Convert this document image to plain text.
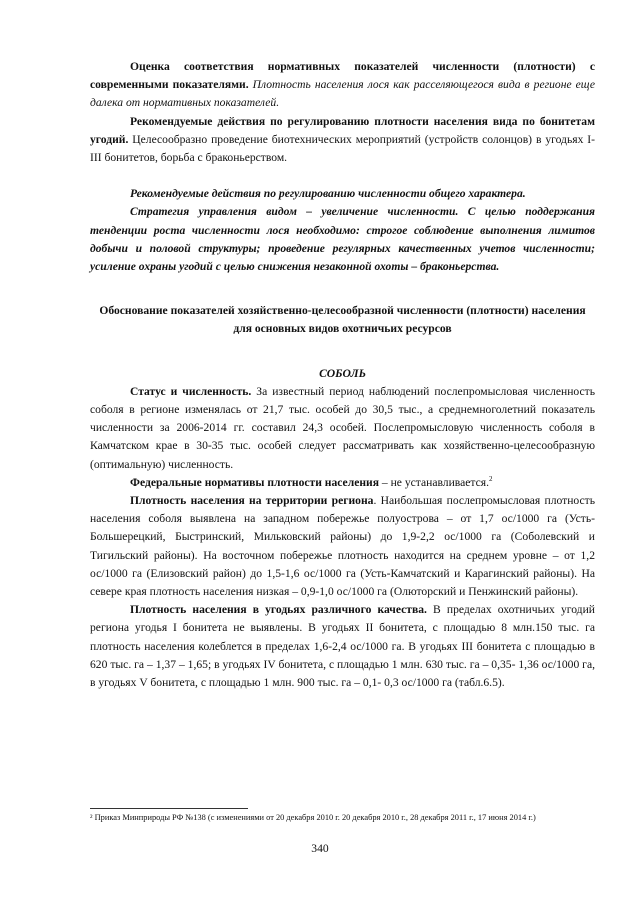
Оценка соответствия нормативных показателей численности (плотности) с современными показателями. Плотность населения лося как расселяющегося вида в регионе еще далека от нормативных показателей.

Рекомендуемые действия по регулированию плотности населения вида по бонитетам угодий. Целесообразно проведение биотехнических мероприятий (устройств солонцов) в угодьях I-III бонитетов, борьба с браконьерством.

Рекомендуемые действия по регулированию численности общего характера.

Стратегия управления видом – увеличение численности. С целью поддержания тенденции роста численности лося необходимо: строгое соблюдение выполнения лимитов добычи и половой структуры; проведение регулярных качественных учетов численности; усиление охраны угодий с целью снижения незаконной охоты – браконьерства.

Обоснование показателей хозяйственно-целесообразной численности (плотности) населения для основных видов охотничьих ресурсов

СОБОЛЬ

Статус и численность. За известный период наблюдений послепромысловая численность соболя в регионе изменялась от 21,7 тыс. особей до 30,5 тыс., а среднемноголетний показатель численности за 2006-2014 гг. составил 24,3 особей. Послепромысловую численность соболя в Камчатском крае в 30-35 тыс. особей следует рассматривать как хозяйственно-целесообразную (оптимальную) численность.

Федеральные нормативы плотности населения – не устанавливается.$^2$

Плотность населения на территории региона. Наибольшая послепромысловая плотность населения соболя выявлена на западном побережье полуострова – от 1,7 ос/1000 га (Усть-Большерецкий, Быстринский, Мильковский районы) до 1,9-2,2 ос/1000 га (Соболевский и Тигильский районы). На восточном побережье плотность находится на среднем уровне – от 1,2 ос/1000 га (Елизовский район) до 1,5-1,6 ос/1000 га (Усть-Камчатский и Карагинский районы). На севере края плотность населения низкая – 0,9-1,0 ос/1000 га (Олюторский и Пенжинский районы).

Плотность населения в угодьях различного качества. В пределах охотничьих угодий региона угодья I бонитета не выявлены. В угодьях II бонитета, с площадью 8 млн.150 тыс. га плотность населения колеблется в пределах 1,6-2,4 ос/1000 га. В угодьях III бонитета с площадью в 620 тыс. га – 1,37 – 1,65; в угодьях IV бонитета, с площадью 1 млн. 630 тыс. га – 0,35- 1,36 ос/1000 га, в угодьях V бонитета, с площадью 1 млн. 900 тыс. га – 0,1- 0,3 ос/1000 га (табл.6.5).

² Приказ Минприроды РФ №138 (с изменениями от 20 декабря 2010 г. 20 декабря 2010 г., 28 декабря 2011 г., 17 июня 2014 г.)

340
